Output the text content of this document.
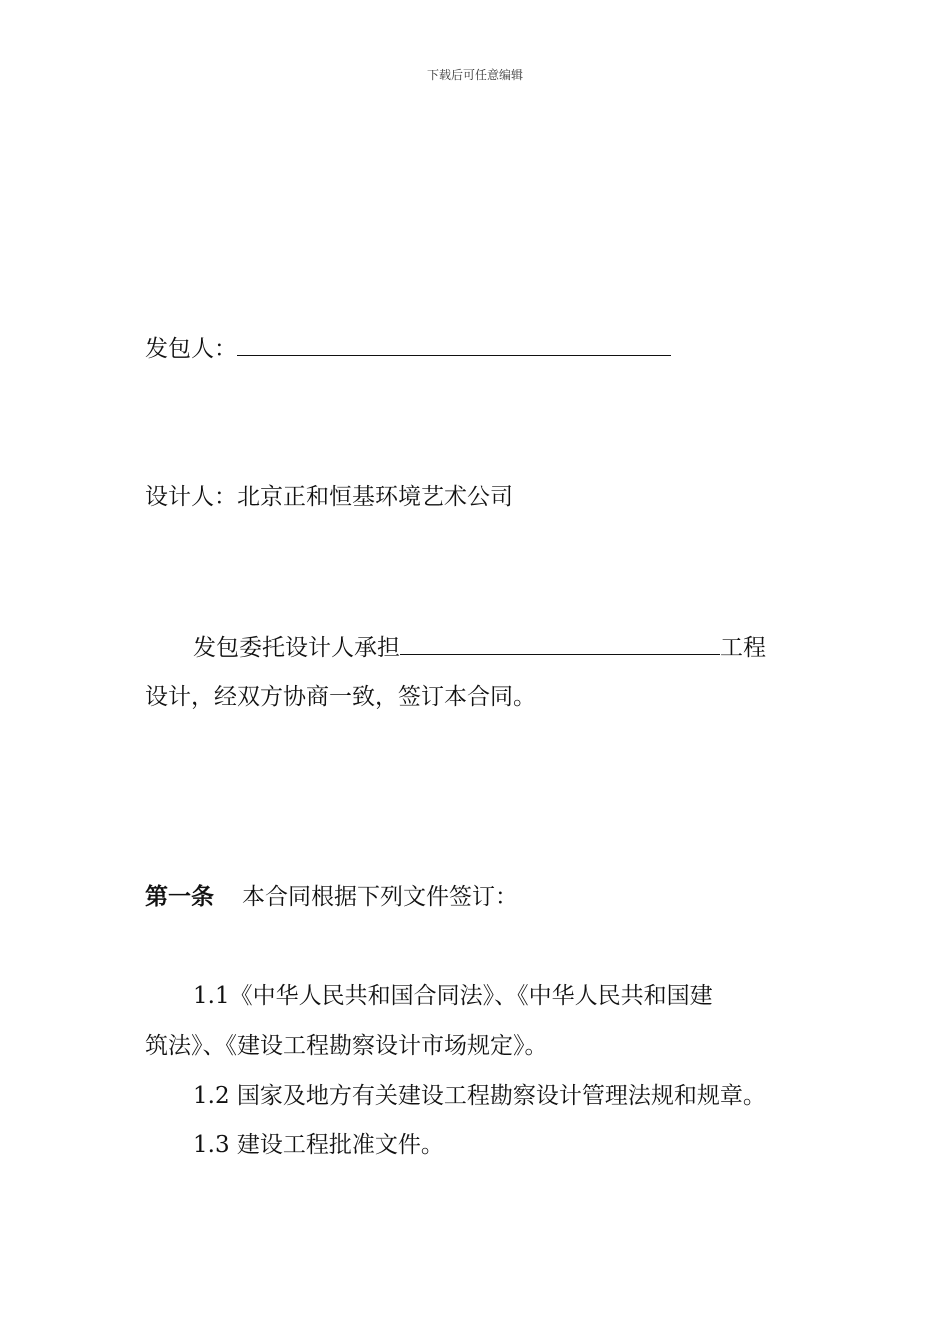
下载后可任意编辑
发包人：
设计人：北京正和恒基环境艺术公司
发包委托设计人承担	工程
设计，经双方协商一致，签订本合同。
第一条 本合同根据下列文件签订：
1.1《中华人民共和国合同法》、《中华人民共和国建
筑法》、《建设工程勘察设计市场规定》。
1.2 国家及地方有关建设工程勘察设计管理法规和规章。
1.3 建设工程批准文件。
